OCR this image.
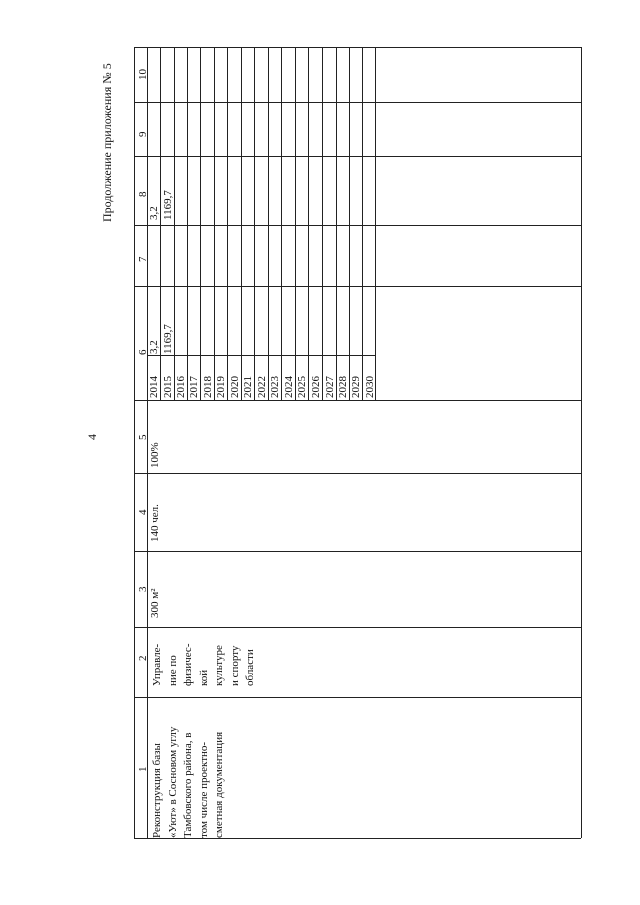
4
Продолжение приложения № 5
1
2
3
4
5
6
7
8
9
10
Реконструкция базы «Уют» в Сосновом углу Тамбовского района, в том числе проектно- сметная документация
Управле- ние по физичес- кой культуре и спорту области
300 м²
140 чел.
100%
2014 2015 2016 2017 2018 2019 2020 2021 2022 2023 2024 2025 2026 2027 2028 2029 2030
3,2 1169,7
3,2 1169,7
